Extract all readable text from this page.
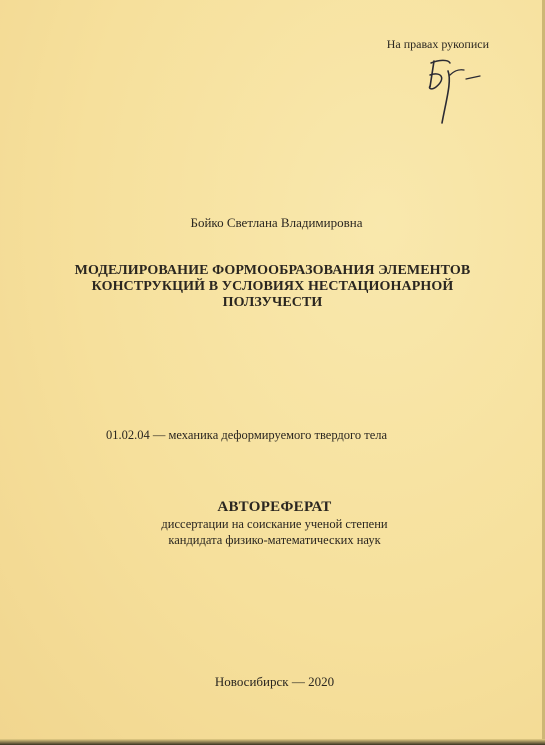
На правах рукописи
Бойко Светлана Владимировна
МОДЕЛИРОВАНИЕ ФОРМООБРАЗОВАНИЯ ЭЛЕМЕНТОВ
КОНСТРУКЦИЙ В УСЛОВИЯХ НЕСТАЦИОНАРНОЙ
ПОЛЗУЧЕСТИ
01.02.04 — механика деформируемого твердого тела
АВТОРЕФЕРАТ
диссертации на соискание ученой степени
кандидата физико-математических наук
Новосибирск — 2020
